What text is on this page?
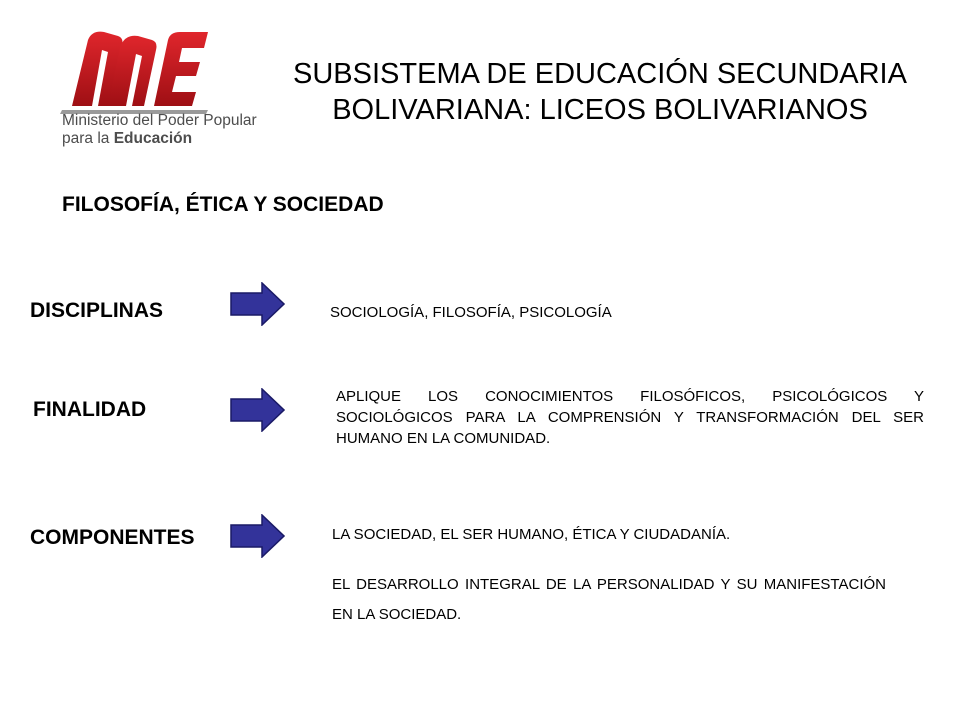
Ministerio del Poder Popular
para la Educación
SUBSISTEMA DE EDUCACIÓN SECUNDARIA
BOLIVARIANA: LICEOS BOLIVARIANOS
FILOSOFÍA, ÉTICA Y SOCIEDAD
DISCIPLINAS	SOCIOLOGÍA, FILOSOFÍA, PSICOLOGÍA
FINALIDAD
APLIQUE LOS CONOCIMIENTOS FILOSÓFICOS, PSICOLÓGICOS Y SOCIOLÓGICOS PARA LA COMPRENSIÓN Y TRANSFORMACIÓN DEL SER HUMANO EN LA COMUNIDAD.
COMPONENTES	LA SOCIEDAD, EL SER HUMANO, ÉTICA Y CIUDADANÍA.
EL DESARROLLO INTEGRAL DE LA PERSONALIDAD Y SU MANIFESTACIÓN EN LA SOCIEDAD.
